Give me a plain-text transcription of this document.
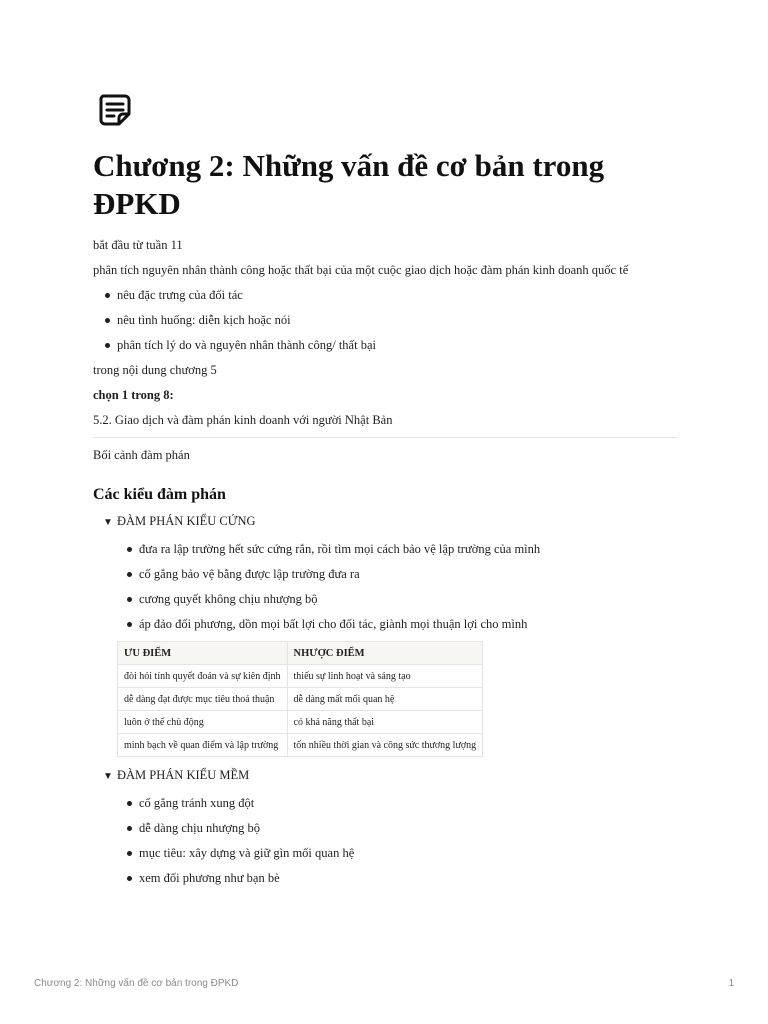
Chương 2: Những vấn đề cơ bản trong ĐPKD

bắt đầu từ tuần 11

phân tích nguyên nhân thành công hoặc thất bại của một cuộc giao dịch hoặc đàm phán kinh doanh quốc tế

nêu đặc trưng của đối tác
nêu tình huống: diễn kịch hoặc nói
phân tích lý do và nguyên nhân thành công/ thất bại

trong nội dung chương 5

chọn 1 trong 8:

5.2. Giao dịch và đàm phán kinh doanh với người Nhật Bản

Bối cảnh đàm phán

Các kiểu đàm phán
▼ ĐÀM PHÁN KIỂU CỨNG
đưa ra lập trường hết sức cứng rắn, rồi tìm mọi cách bảo vệ lập trường của mình
cố gắng bảo vệ bằng được lập trường đưa ra
cương quyết không chịu nhượng bộ
áp đảo đối phương, dồn mọi bất lợi cho đối tác, giành mọi thuận lợi cho mình
ƯU ĐIỂM	NHƯỢC ĐIỂM
đòi hỏi tính quyết đoán và sự kiên định	thiếu sự linh hoạt và sáng tạo
dễ dàng đạt được mục tiêu thoả thuận	dễ dàng mất mối quan hệ
luôn ở thế chủ động	có khả năng thất bại
minh bạch về quan điểm và lập trường	tốn nhiều thời gian và công sức thương lượng
▼ ĐÀM PHÁN KIỂU MỀM
cố gắng tránh xung đột
dễ dàng chịu nhượng bộ
mục tiêu: xây dựng và giữ gìn mối quan hệ
xem đối phương như bạn bè
Chương 2: Những vấn đề cơ bản trong ĐPKD	1
